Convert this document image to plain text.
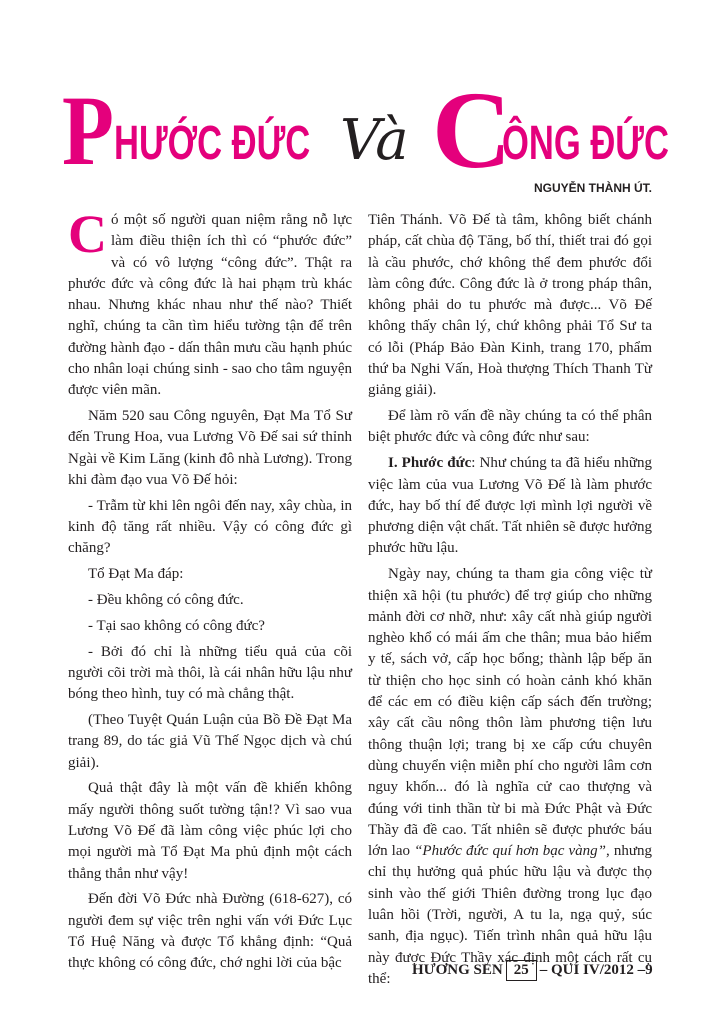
P HƯỚC ĐỨC Và C
ÔNG ĐỨC
NGUYỄN THÀNH ÚT.

Có một số người quan niệm rằng nỗ lực làm điều thiện ích thì có “phước đức” và có vô lượng “công đức”. Thật ra phước đức và công đức là hai phạm trù khác nhau. Nhưng khác nhau như thế nào? Thiết nghĩ, chúng ta cần tìm hiểu tường tận để trên đường hành đạo - dấn thân mưu cầu hạnh phúc cho nhân loại chúng sinh - sao cho tâm nguyện được viên mãn.

Năm 520 sau Công nguyên, Đạt Ma Tổ Sư đến Trung Hoa, vua Lương Võ Đế sai sứ thỉnh Ngài về Kim Lăng (kinh đô nhà Lương). Trong khi đàm đạo vua Võ Đế hỏi:

- Trẫm từ khi lên ngôi đến nay, xây chùa, in kinh độ tăng rất nhiều. Vậy có công đức gì chăng?

Tổ Đạt Ma đáp:

- Đều không có công đức.

- Tại sao không có công đức?

- Bởi đó chỉ là những tiểu quả của cõi người cõi trời mà thôi, là cái nhân hữu lậu như bóng theo hình, tuy có mà chẳng thật.

(Theo Tuyệt Quán Luận của Bồ Đề Đạt Ma trang 89, do tác giả Vũ Thế Ngọc dịch và chú giải).

Quả thật đây là một vấn đề khiến không mấy người thông suốt tường tận!? Vì sao vua Lương Võ Đế đã làm công việc phúc lợi cho mọi người mà Tổ Đạt Ma phủ định một cách thẳng thắn như vậy!

Đến đời Võ Đức nhà Đường (618-627), có người đem sự việc trên nghi vấn với Đức Lục Tổ Huệ Năng và được Tổ khẳng định: “Quả thực không có công đức, chớ nghi lời của bậc

Tiên Thánh. Võ Đế tà tâm, không biết chánh pháp, cất chùa độ Tăng, bố thí, thiết trai đó gọi là cầu phước, chớ không thể đem phước đổi làm công đức. Công đức là ở trong pháp thân, không phải do tu phước mà được... Võ Đế không thấy chân lý, chứ không phải Tổ Sư ta có lỗi (Pháp Bảo Đàn Kinh, trang 170, phẩm thứ ba Nghi Vấn, Hoà thượng Thích Thanh Từ giảng giải).

Để làm rõ vấn đề nầy chúng ta có thể phân biệt phước đức và công đức như sau:

I. Phước đức: Như chúng ta đã hiểu những việc làm của vua Lương Võ Đế là làm phước đức, hay bố thí để được lợi mình lợi người về phương diện vật chất. Tất nhiên sẽ được hưởng phước hữu lậu.

Ngày nay, chúng ta tham gia công việc từ thiện xã hội (tu phước) để trợ giúp cho những mảnh đời cơ nhỡ, như: xây cất nhà giúp người nghèo khổ có mái ấm che thân; mua bảo hiểm y tế, sách vở, cấp học bổng; thành lập bếp ăn từ thiện cho học sinh có hoàn cảnh khó khăn để các em có điều kiện cấp sách đến trường; xây cất cầu nông thôn làm phương tiện lưu thông thuận lợi; trang bị xe cấp cứu chuyên dùng chuyển viện miễn phí cho người lâm cơn nguy khốn... đó là nghĩa cử cao thượng và đúng với tinh thần từ bi mà Đức Phật và Đức Thầy đã đề cao. Tất nhiên sẽ được phước báu lớn lao “Phước đức quí hơn bạc vàng”, nhưng chỉ thụ hưởng quả phúc hữu lậu và được thọ sinh vào thế giới Thiên đường trong lục đạo luân hồi (Trời, người, A tu la, ngạ quỷ, súc sanh, địa ngục). Tiến trình nhân quả hữu lậu này được Đức Thầy xác định một cách rất cụ thể:

HƯƠNG SEN 25 – QUÍ IV/2012 –9
